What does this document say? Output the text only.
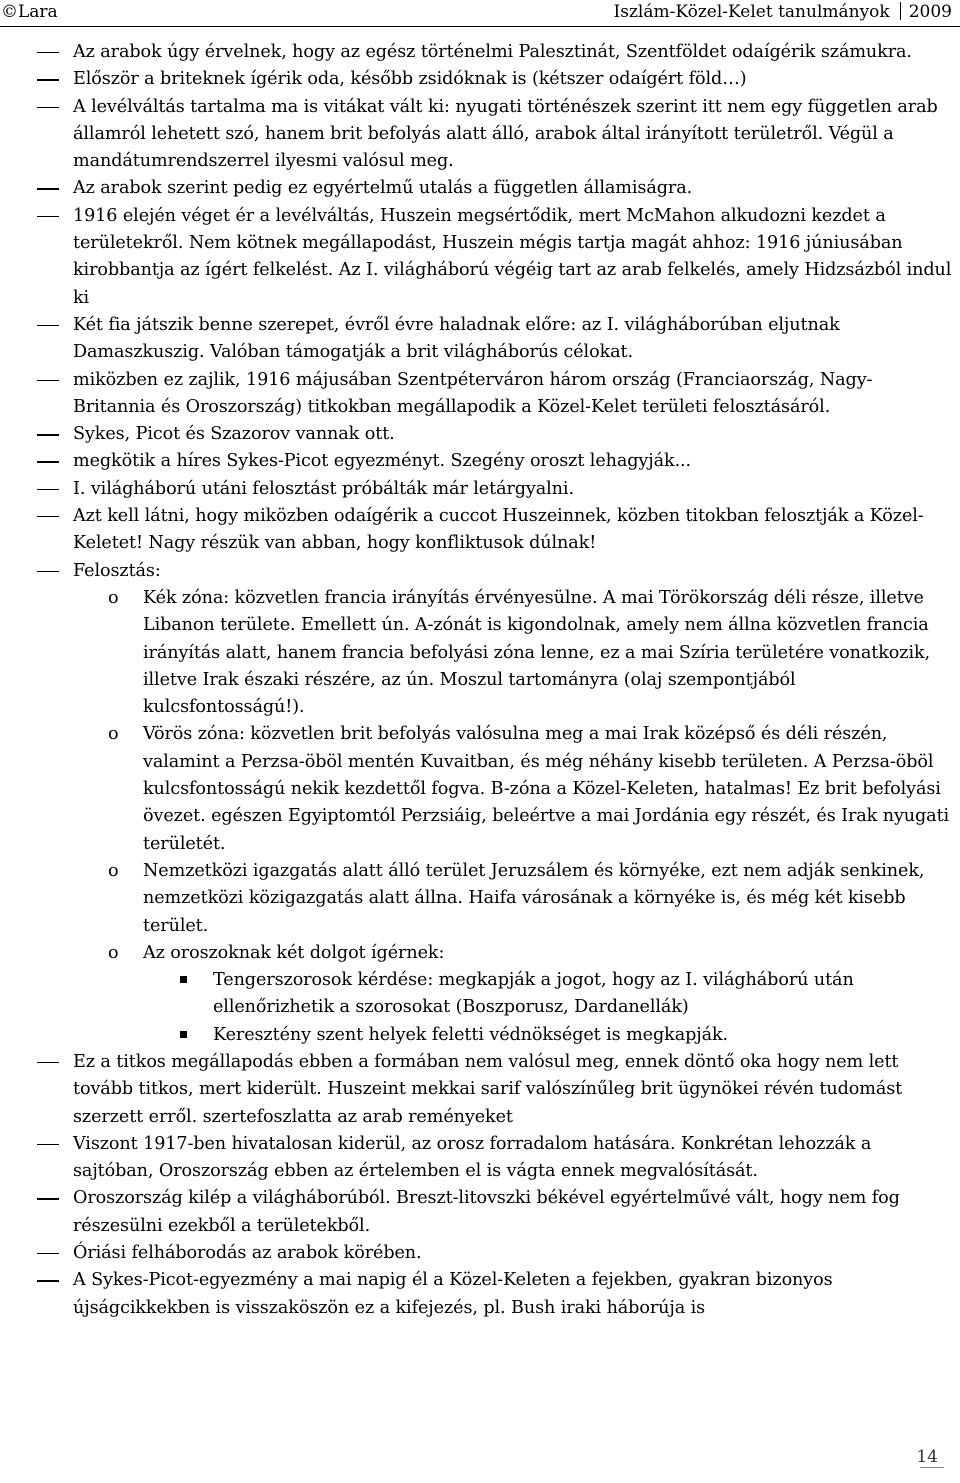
©Lara	Iszlám-Közel-Kelet tanulmányok 2009
Az arabok úgy érvelnek, hogy az egész történelmi Palesztinát, Szentföldet odaígérik számukra.
Először a briteknek ígérik oda, később zsidóknak is (kétszer odaígért föld…)
A levélváltás tartalma ma is vitákat vált ki: nyugati történészek szerint itt nem egy független arab államról lehetett szó, hanem brit befolyás alatt álló, arabok által irányított területről. Végül a mandátumrendszerrel ilyesmi valósul meg.
Az arabok szerint pedig ez egyértelmű utalás a független államiságra.
1916 elején véget ér a levélváltás, Huszein megsértődik, mert McMahon alkudozni kezdet a területekről. Nem kötnek megállapodást, Huszein mégis tartja magát ahhoz: 1916 júniusában kirobbantja az ígért felkelést. Az I. világháború végéig tart az arab felkelés, amely Hidzsázból indul ki
Két fia játszik benne szerepet, évről évre haladnak előre: az I. világháborúban eljutnak Damaszkuszig. Valóban támogatják a brit világháborús célokat.
miközben ez zajlik, 1916 májusában Szentpéterváron három ország (Franciaország, Nagy-Britannia és Oroszország) titkokban megállapodik a Közel-Kelet területi felosztásáról.
Sykes, Picot és Szazorov vannak ott.
megkötik a híres Sykes-Picot egyezményt. Szegény oroszt lehagyják...
I. világháború utáni felosztást próbálták már letárgyalni.
Azt kell látni, hogy miközben odaígérik a cuccot Huszeinnek, közben titokban felosztják a Közel-Keletet! Nagy részük van abban, hogy konfliktusok dúlnak!
Felosztás:
o Kék zóna: közvetlen francia irányítás érvényesülne. A mai Törökország déli része, illetve Libanon területe. Emellett ún. A-zónát is kigondolnak, amely nem állna közvetlen francia irányítás alatt, hanem francia befolyási zóna lenne, ez a mai Szíria területére vonatkozik, illetve Irak északi részére, az ún. Moszul tartományra (olaj szempontjából kulcsfontosságú!).
o Vörös zóna: közvetlen brit befolyás valósulna meg a mai Irak középső és déli részén, valamint a Perzsa-öböl mentén Kuvaitban, és még néhány kisebb területen. A Perzsa-öböl kulcsfontosságú nekik kezdettől fogva. B-zóna a Közel-Keleten, hatalmas! Ez brit befolyási övezet. egészen Egyiptomtól Perzsiáig, beleértve a mai Jordánia egy részét, és Irak nyugati területét.
o Nemzetközi igazgatás alatt álló terület Jeruzsálem és környéke, ezt nem adják senkinek, nemzetközi közigazgatás alatt állna. Haifa városának a környéke is, és még két kisebb terület.
o Az oroszoknak két dolgot ígérnek:
Tengerszorosok kérdése: megkapják a jogot, hogy az I. világháború után ellenőrizhetik a szorosokat (Boszporusz, Dardanellák)
Keresztény szent helyek feletti védnökséget is megkapják.
Ez a titkos megállapodás ebben a formában nem valósul meg, ennek döntő oka hogy nem lett tovább titkos, mert kiderült. Huszeint mekkai sarif valószínűleg brit ügynökei révén tudomást szerzett erről. szertefoszlatta az arab reményeket
Viszont 1917-ben hivatalosan kiderül, az orosz forradalom hatására. Konkrétan lehozzák a sajtóban, Oroszország ebben az értelemben el is vágta ennek megvalósítását.
Oroszország kilép a világháborúból. Breszt-litovszki békével egyértelművé vált, hogy nem fog részesülni ezekből a területekből.
Óriási felháborodás az arabok körében.
A Sykes-Picot-egyezmény a mai napig él a Közel-Keleten a fejekben, gyakran bizonyos újságcikkekben is visszaköszön ez a kifejezés, pl. Bush iraki háborúja is
14
